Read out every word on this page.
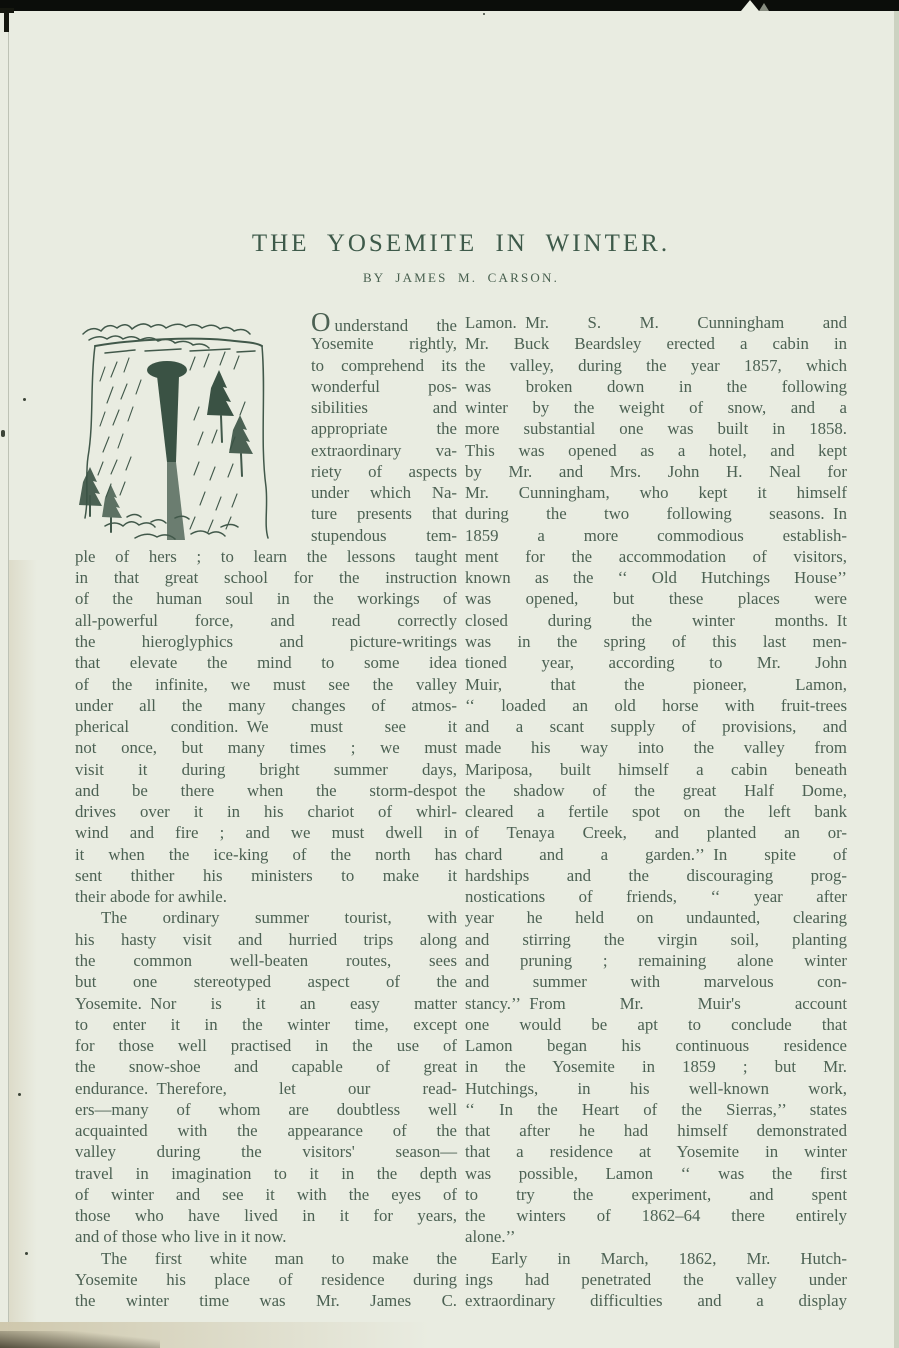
THE YOSEMITE IN WINTER.
BY JAMES M. CARSON.
Ounderstand the
Yosemite rightly,
to comprehend its
wonderful pos-
sibilities and
appropriate the
extraordinary va-
riety of aspects
under which Na-
ture presents that
stupendous tem-
ple of hers ; to learn the lessons taught
in that great school for the instruction
of the human soul in the workings of
all-powerful force, and read correctly
the hieroglyphics and picture-writings
that elevate the mind to some idea
of the infinite, we must see the valley
under all the many changes of atmos-
pherical condition. We must see it
not once, but many times ; we must
visit it during bright summer days,
and be there when the storm-despot
drives over it in his chariot of whirl-
wind and fire ; and we must dwell in
it when the ice-king of the north has
sent thither his ministers to make it
their abode for awhile.
The ordinary summer tourist, with
his hasty visit and hurried trips along
the common well-beaten routes, sees
but one stereotyped aspect of the
Yosemite. Nor is it an easy matter
to enter it in the winter time, except
for those well practised in the use of
the snow-shoe and capable of great
endurance. Therefore, let our read-
ers—many of whom are doubtless well
acquainted with the appearance of the
valley during the visitors' season—
travel in imagination to it in the depth
of winter and see it with the eyes of
those who have lived in it for years,
and of those who live in it now.
The first white man to make the
Yosemite his place of residence during
the winter time was Mr. James C.
Lamon. Mr. S. M. Cunningham and
Mr. Buck Beardsley erected a cabin in
the valley, during the year 1857, which
was broken down in the following
winter by the weight of snow, and a
more substantial one was built in 1858.
This was opened as a hotel, and kept
by Mr. and Mrs. John H. Neal for
Mr. Cunningham, who kept it himself
during the two following seasons. In
1859 a more commodious establish-
ment for the accommodation of visitors,
known as the ‘‘ Old Hutchings House’’
was opened, but these places were
closed during the winter months. It
was in the spring of this last men-
tioned year, according to Mr. John
Muir, that the pioneer, Lamon,
‘‘ loaded an old horse with fruit-trees
and a scant supply of provisions, and
made his way into the valley from
Mariposa, built himself a cabin beneath
the shadow of the great Half Dome,
cleared a fertile spot on the left bank
of Tenaya Creek, and planted an or-
chard and a garden.’’ In spite of
hardships and the discouraging prog-
nostications of friends, ‘‘ year after
year he held on undaunted, clearing
and stirring the virgin soil, planting
and pruning ; remaining alone winter
and summer with marvelous con-
stancy.’’ From Mr. Muir's account
one would be apt to conclude that
Lamon began his continuous residence
in the Yosemite in 1859 ; but Mr.
Hutchings, in his well-known work,
‘‘ In the Heart of the Sierras,’’ states
that after he had himself demonstrated
that a residence at Yosemite in winter
was possible, Lamon ‘‘ was the first
to try the experiment, and spent
the winters of 1862–64 there entirely
alone.’’
Early in March, 1862, Mr. Hutch-
ings had penetrated the valley under
extraordinary difficulties and a display
